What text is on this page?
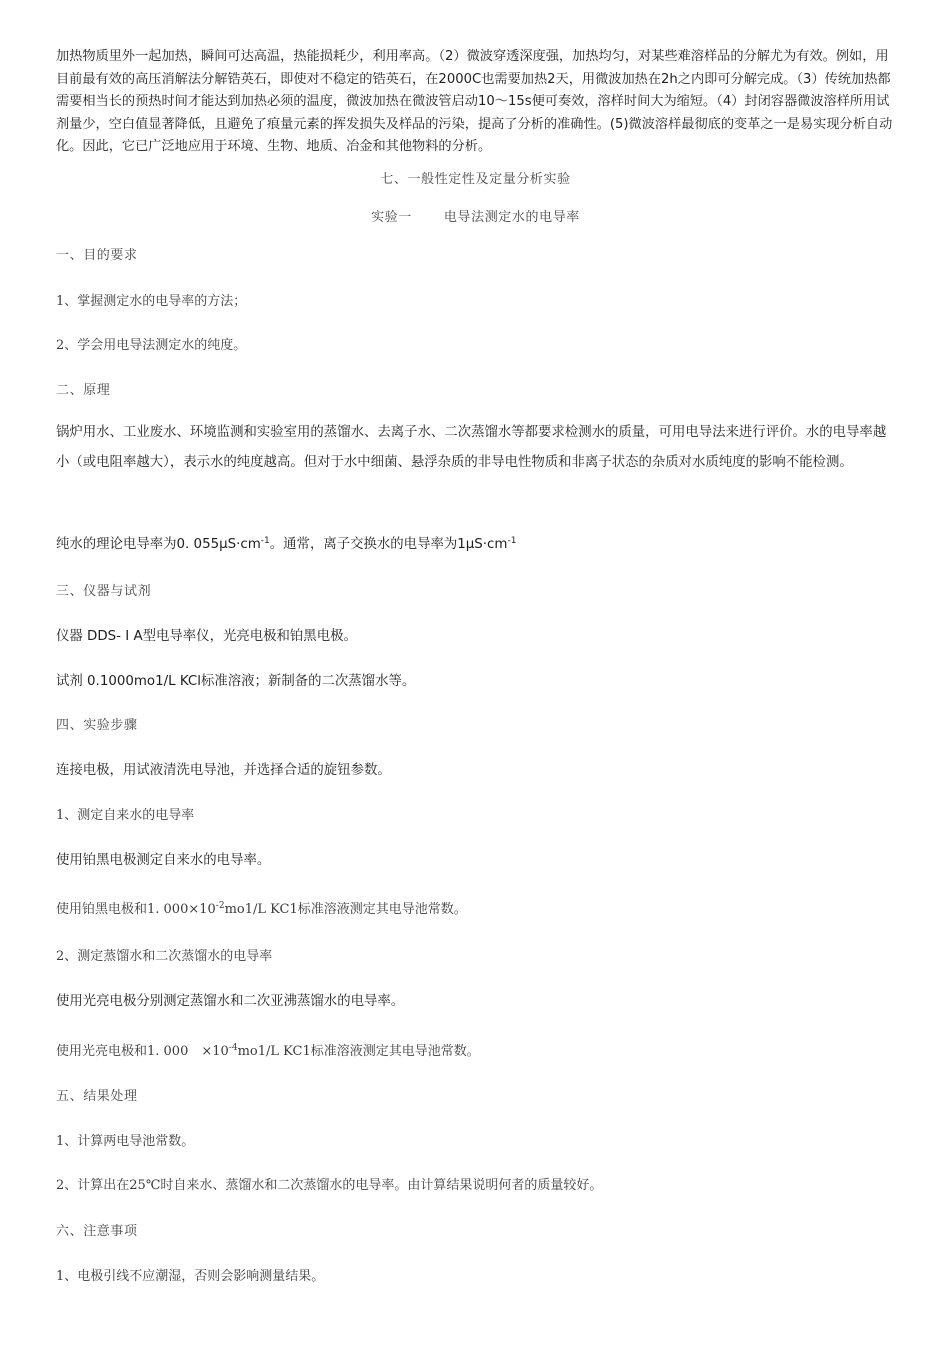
加热物质里外一起加热，瞬间可达高温，热能损耗少，利用率高。（2）微波穿透深度强，加热均匀，对某些难溶样品的分解尤为有效。例如，用目前最有效的高压消解法分解锆英石，即使对不稳定的锆英石，在2000C也需要加热2天，用微波加热在2h之内即可分解完成。（3）传统加热都需要相当长的预热时间才能达到加热必须的温度，微波加热在微波管启动10～15s便可奏效，溶样时间大为缩短。（4）封闭容器微波溶样所用试剂量少，空白值显著降低，且避免了痕量元素的挥发损失及样品的污染，提高了分析的准确性。(5)微波溶样最彻底的变革之一是易实现分析自动化。因此，它已广泛地应用于环境、生物、地质、冶金和其他物料的分析。

七、一般性定性及定量分析实验
实验一 电导法测定水的电导率
一、目的要求
1、掌握测定水的电导率的方法；
2、学会用电导法测定水的纯度。
二、原理

锅炉用水、工业废水、环境监测和实验室用的蒸馏水、去离子水、二次蒸馏水等都要求检测水的质量，可用电导法来进行评价。水的电导率越小（或电阻率越大），表示水的纯度越高。但对于水中细菌、悬浮杂质的非导电性物质和非离子状态的杂质对水质纯度的影响不能检测。

纯水的理论电导率为0. $055\mu S\cdot cm^{-1}$。通常，离子交换水的电导率为$1\mu S\cdot cm^{-1}$
三、仪器与试剂
仪器 DDS- I A型电导率仪，光亮电极和铂黑电极。
试剂 0.1000mo1/L KCl标准溶液；新制备的二次蒸馏水等。
四、实验步骤
连接电极，用试液清洗电导池，并选择合适的旋钮参数。
1、测定自来水的电导率
使用铂黑电极测定自来水的电导率。
使用铂黑电极和1. $000\times 10^{-2}mo1/L$ KC1标准溶液测定其电导池常数。
2、测定蒸馏水和二次蒸馏水的电导率
使用光亮电极分别测定蒸馏水和二次亚沸蒸馏水的电导率。
使用光亮电极和1. 000　$\times 10^{-4}mo1/L$ KC1标准溶液测定其电导池常数。
五、结果处理
1、计算两电导池常数。
2、计算出在25℃时自来水、蒸馏水和二次蒸馏水的电导率。由计算结果说明何者的质量较好。
六、注意事项
1、电极引线不应潮湿，否则会影响测量结果。
